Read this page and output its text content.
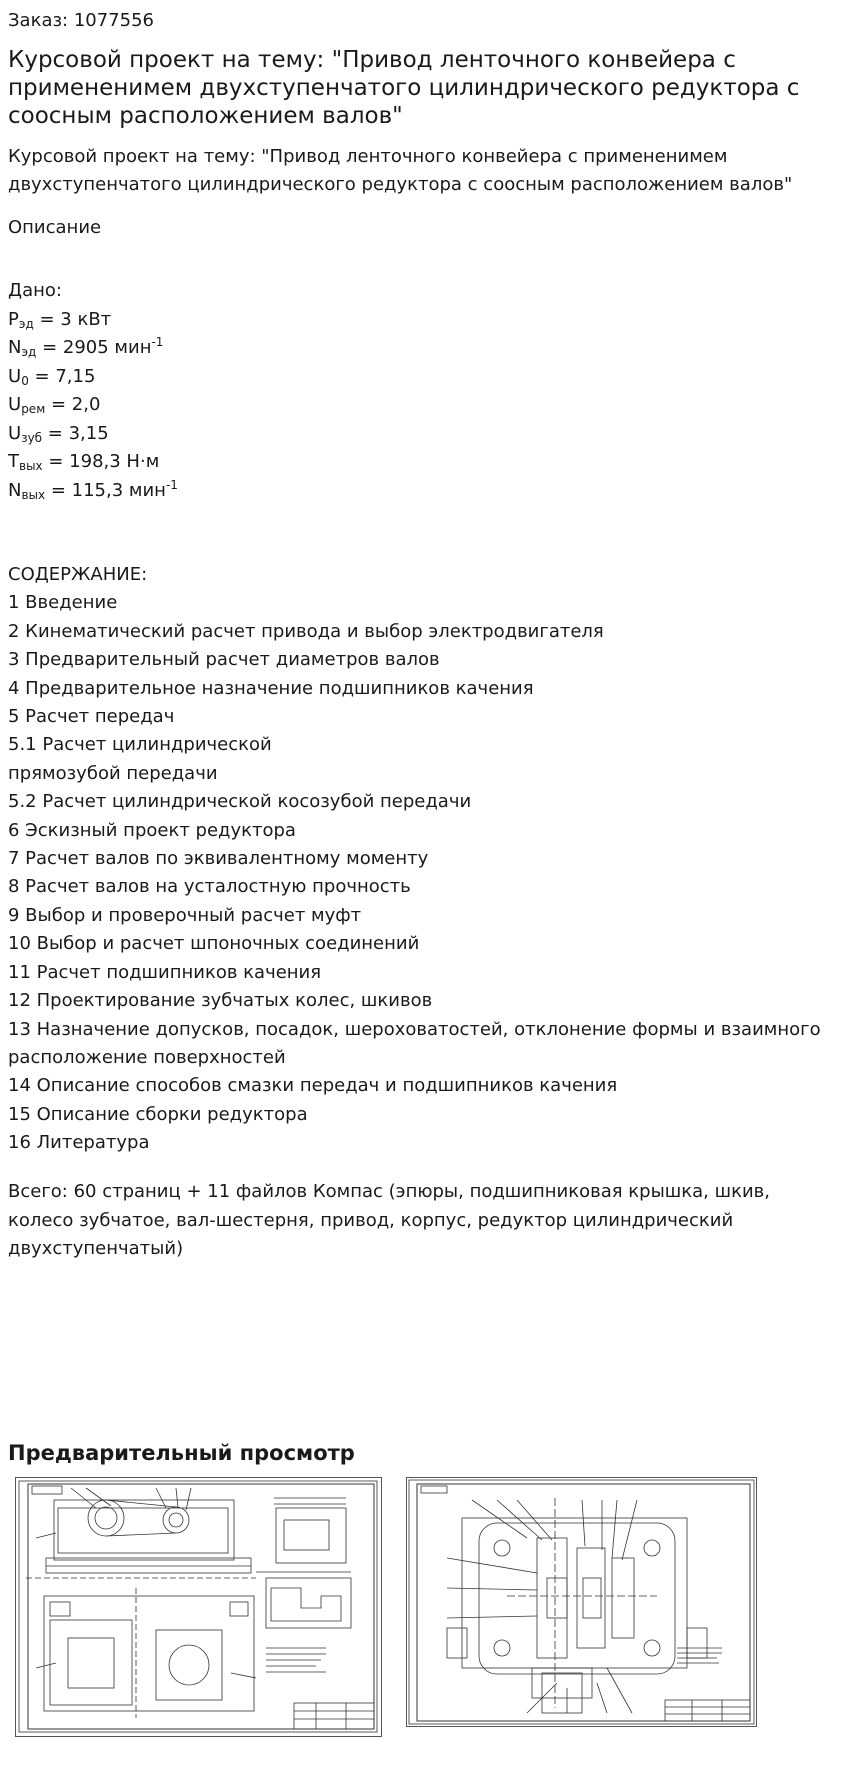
Заказ: 1077556
Курсовой проект на тему: "Привод ленточного конвейера с примененимем двухступенчатого цилиндрического редуктора с соосным расположением валов"
Курсовой проект на тему: "Привод ленточного конвейера с примененимем двухступенчатого цилиндрического редуктора с соосным расположением валов"
Описание
Дано:
$P_{эд} = 3$ кВт
$N_{эд} = 2905$ мин$^{-1}$
$U_0 = 7,15$
$U_{рем} = 2,0$
$U_{зуб} = 3,15$
$T_{вых} = 198,3$ Н·м
$N_{вых} = 115,3$ мин$^{-1}$
СОДЕРЖАНИЕ:
1 Введение
2 Кинематический расчет привода и выбор электродвигателя
3 Предварительный расчет диаметров валов
4 Предварительное назначение подшипников качения
5 Расчет передач
5.1 Расчет цилиндрической
прямозубой передачи
5.2 Расчет цилиндрической косозубой передачи
6 Эскизный проект редуктора
7 Расчет валов по эквивалентному моменту
8 Расчет валов на усталостную прочность
9 Выбор и проверочный расчет муфт
10 Выбор и расчет шпоночных соединений
11 Расчет подшипников качения
12 Проектирование зубчатых колес, шкивов
13 Назначение допусков, посадок, шероховатостей, отклонение формы и взаимного расположение поверхностей
14 Описание способов смазки передач и подшипников качения
15 Описание сборки редуктора
16 Литература
Всего: 60 страниц + 11 файлов Компас (эпюры, подшипниковая крышка, шкив, колесо зубчатое, вал-шестерня, привод, корпус, редуктор цилиндрический двухступенчатый)
Предварительный просмотр
